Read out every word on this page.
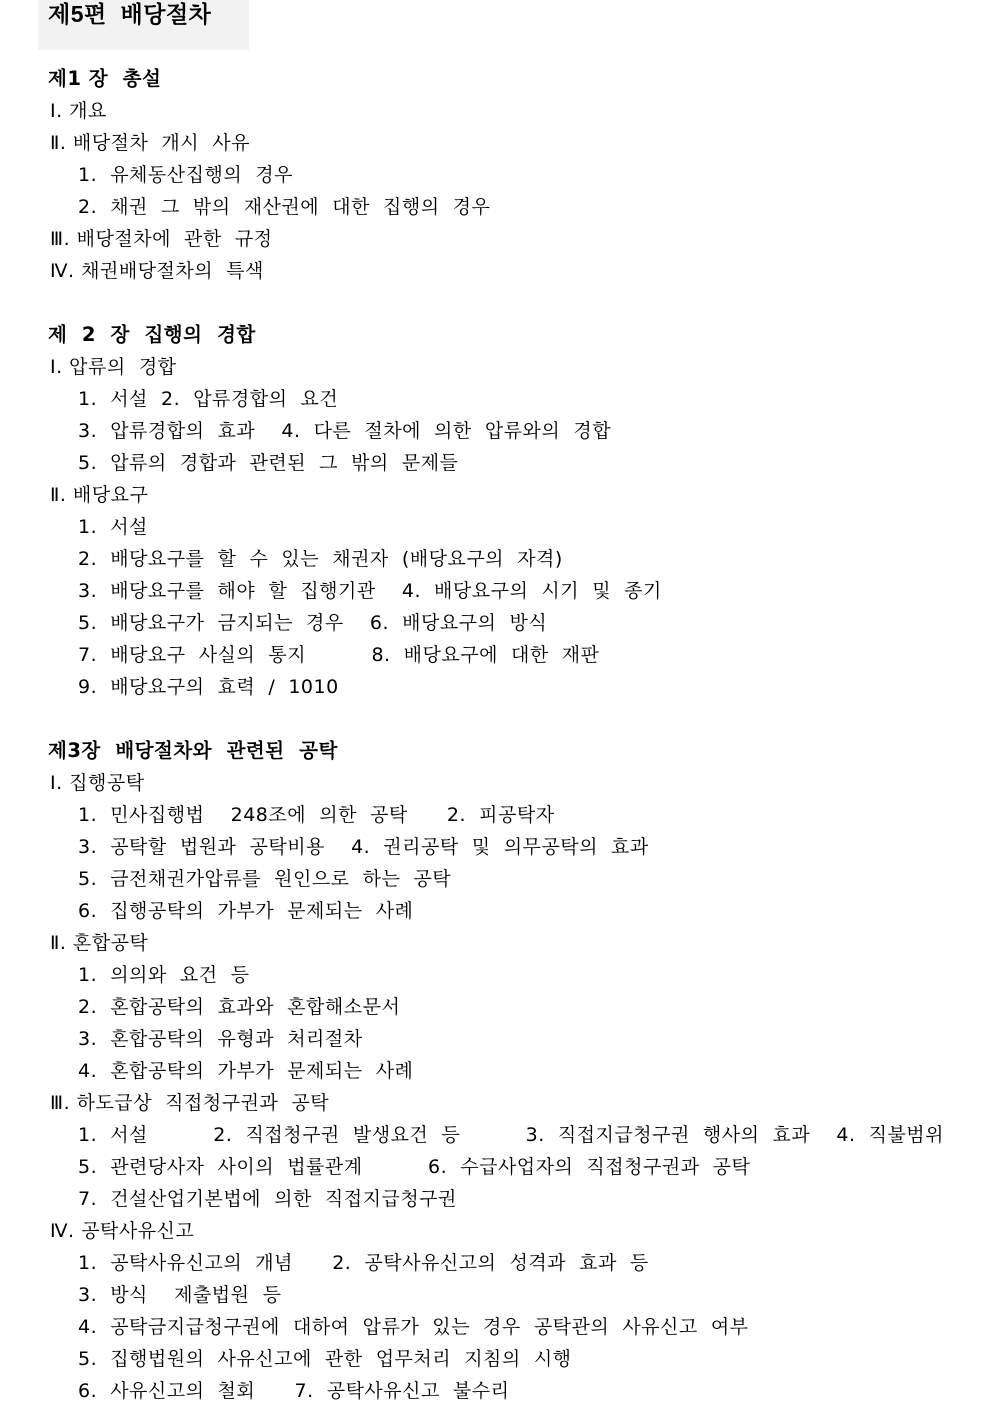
제5편  배당절차
제1 장  총설
Ⅰ. 개요
Ⅱ. 배당절차  개시  사유
1.  유체동산집행의  경우
2.  채권  그  밖의  재산권에  대한  집행의  경우
Ⅲ. 배당절차에  관한  규정
Ⅳ. 채권배당절차의  특색
제  2  장  집행의  경합
Ⅰ. 압류의  경합
1.  서설  2.  압류경합의  요건
3.  압류경합의  효과    4.  다른  절차에  의한  압류와의  경합
5.  압류의  경합과  관련된  그  밖의  문제들
Ⅱ. 배당요구
1.  서설
2.  배당요구를  할  수  있는  채권자  (배당요구의  자격)
3.  배당요구를  해야  할  집행기관    4.  배당요구의  시기  및  종기
5.  배당요구가  금지되는  경우    6.  배당요구의  방식
7.  배당요구  사실의  통지          8.  배당요구에  대한  재판
9.  배당요구의  효력  /  1010
제3장  배당절차와  관련된  공탁
Ⅰ. 집행공탁
1.  민사집행법    248조에  의한  공탁      2.  피공탁자
3.  공탁할  법원과  공탁비용    4.  권리공탁  및  의무공탁의  효과
5.  금전채권가압류를  원인으로  하는  공탁
6.  집행공탁의  가부가  문제되는  사례
Ⅱ. 혼합공탁
1.  의의와  요건  등
2.  혼합공탁의  효과와  혼합해소문서
3.  혼합공탁의  유형과  처리절차
4.  혼합공탁의  가부가  문제되는  사례
Ⅲ. 하도급상  직접청구권과  공탁
1.  서설          2.  직접청구권  발생요건  등          3.  직접지급청구권  행사의  효과    4.  직불범위
5.  관련당사자  사이의  법률관계          6.  수급사업자의  직접청구권과  공탁
7.  건설산업기본법에  의한  직접지급청구권
Ⅳ. 공탁사유신고
1.  공탁사유신고의  개념      2.  공탁사유신고의  성격과  효과  등
3.  방식    제출법원  등
4.  공탁금지급청구권에  대하여  압류가  있는  경우  공탁관의  사유신고  여부
5.  집행법원의  사유신고에  관한  업무처리  지침의  시행
6.  사유신고의  철회      7.  공탁사유신고  불수리
